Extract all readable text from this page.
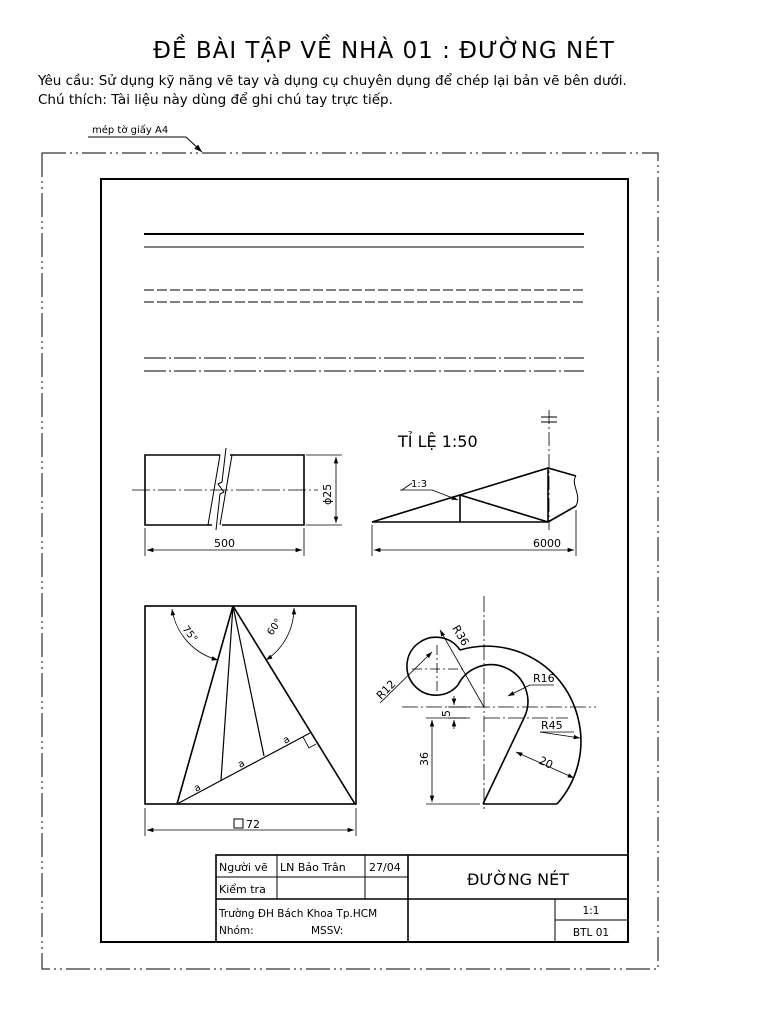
ĐỀ BÀI TẬP VỀ NHÀ 01 : ĐƯỜNG NÉT
Yêu cầu: Sử dụng kỹ năng vẽ tay và dụng cụ chuyên dụng để chép lại bản vẽ bên dưới.
Chú thích: Tài liệu này dùng để ghi chú tay trực tiếp.
mép tờ giấy A4
500
ϕ25
TỈ LỆ 1:50
1:3
6000
75°	60°
a
a
a
72
R36
R12	R16
R45
5
36	20
Người vẽ LN Bảo Trân 27/04
Kiểm tra
ĐƯỜNG NÉT
Trường ĐH Bách Khoa Tp.HCM
Nhóm:	MSSV:
1:1
BTL 01
